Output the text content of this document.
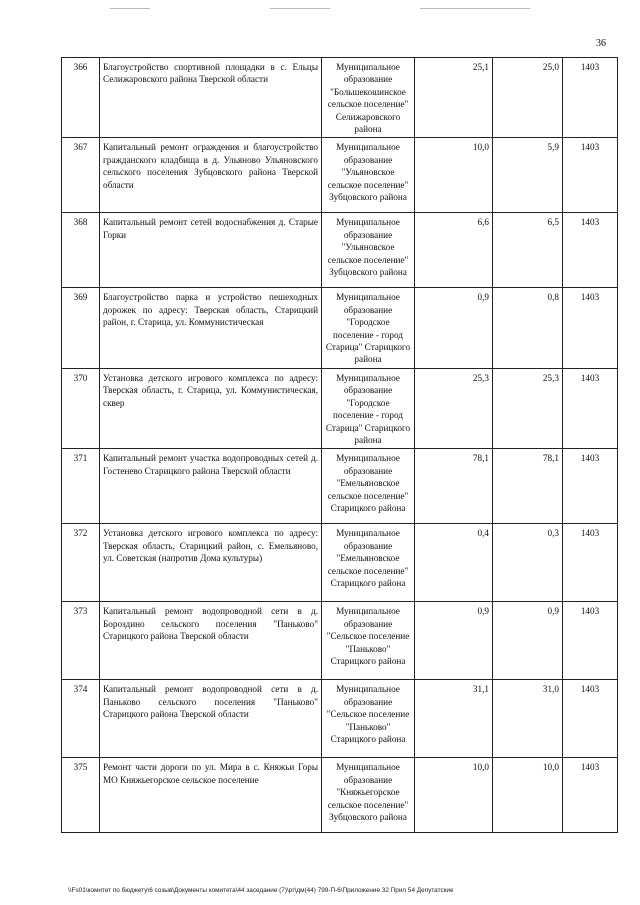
36
366	Благоустройство спортивной площадки в с. Ельцы Селижаровского района Тверской области	Муниципальное образование "Большекошинское сельское поселение" Селижаровского района	25,1	25,0	1403
367	Капитальный ремонт ограждения и благоустройство гражданского кладбища в д. Ульяново Ульяновского сельского поселения Зубцовского района Тверской области	Муниципальное образование "Ульяновское сельское поселение" Зубцовского района	10,0	5,9	1403
368	Капитальный ремонт сетей водоснабжения д. Старые Горки	Муниципальное образование "Ульяновское сельское поселение" Зубцовского района	6,6	6,5	1403
369	Благоустройство парка и устройство пешеходных дорожек по адресу: Тверская область, Старицкий район, г. Старица, ул. Коммунистическая	Муниципальное образование "Городское поселение - город Старица" Старицкого района	0,9	0,8	1403
370	Установка детского игрового комплекса по адресу: Тверская область, г. Старица, ул. Коммунистическая, сквер	Муниципальное образование "Городское поселение - город Старица" Старицкого района	25,3	25,3	1403
371	Капитальный ремонт участка водопроводных сетей д. Гостенево Старицкого района Тверской области	Муниципальное образование "Емельяновское сельское поселение" Старицкого района	78,1	78,1	1403
372	Установка детского игрового комплекса по адресу: Тверская область, Старицкий район, с. Емельяново, ул. Советская (напротив Дома культуры)	Муниципальное образование "Емельяновское сельское поселение" Старицкого района	0,4	0,3	1403
373	Капитальный ремонт водопроводной сети в д. Бороздино сельского поселения "Паньково" Старицкого района Тверской области	Муниципальное образование "Сельское поселение "Паньково" Старицкого района	0,9	0,9	1403
374	Капитальный ремонт водопроводной сети в д. Паньково сельского поселения "Паньково" Старицкого района Тверской области	Муниципальное образование "Сельское поселение "Паньково" Старицкого района	31,1	31,0	1403
375	Ремонт части дороги по ул. Мира в с. Княжьи Горы МО Княжьегорское сельское поселение	Муниципальное образование "Княжьегорское сельское поселение" Зубцовского района	10,0	10,0	1403
\\Fs01\комитет по бюджету\6 созыв\Документы комитета\44 заседание (7)\рг\дм(44) 799-П-6\Приложение 32 Прил 54 Депутатские
